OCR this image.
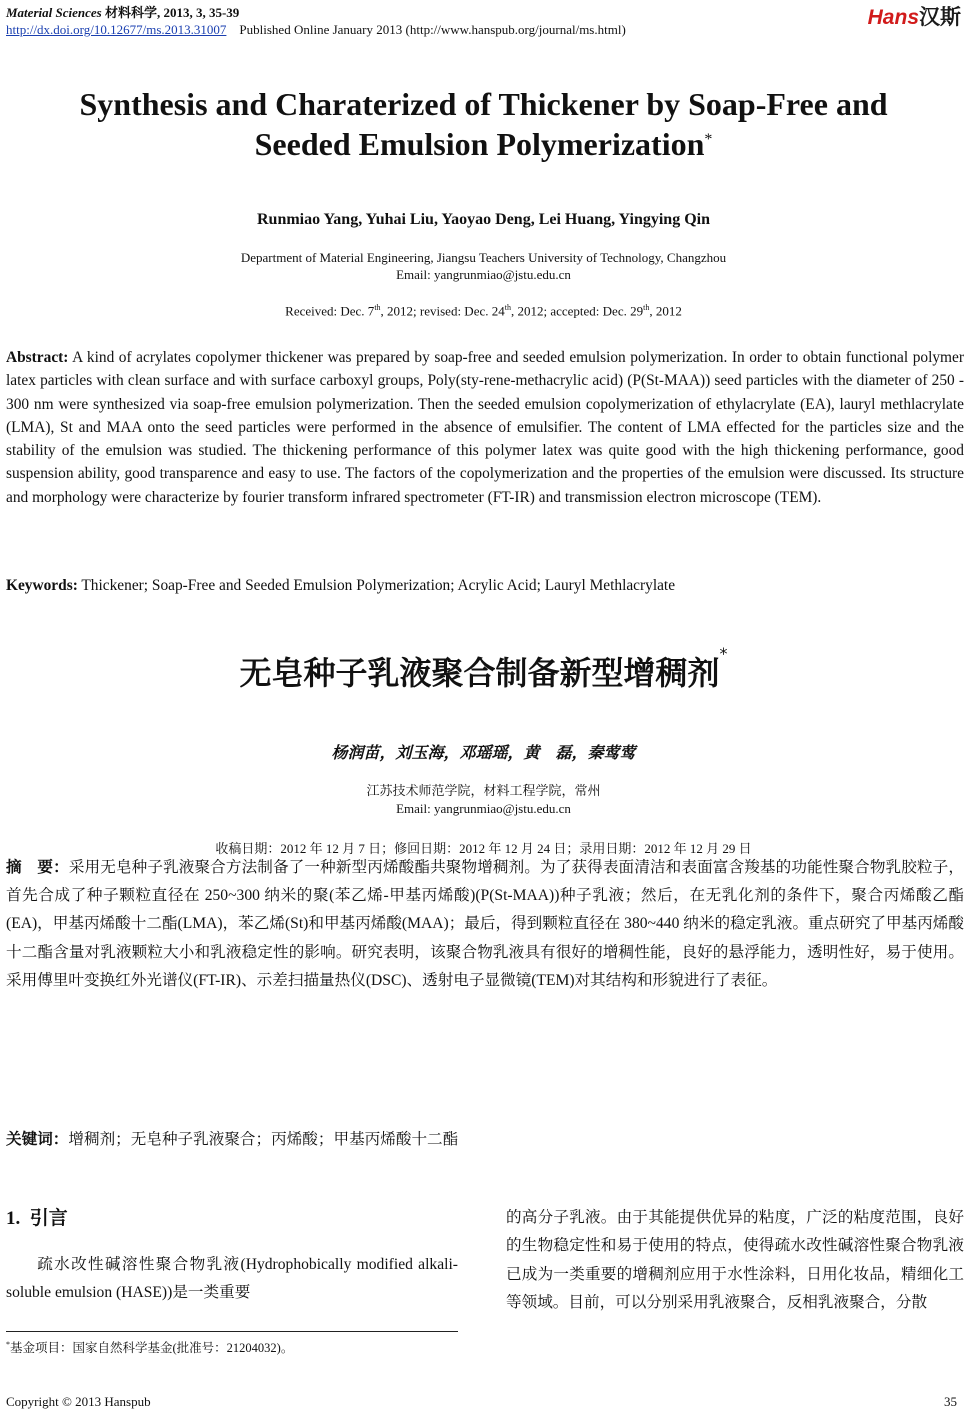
Material Sciences 材料科学, 2013, 3, 35-39
http://dx.doi.org/10.12677/ms.2013.31007 Published Online January 2013 (http://www.hanspub.org/journal/ms.html)
Hans汉斯
Synthesis and Charaterized of Thickener by Soap-Free and
Seeded Emulsion Polymerization*
Runmiao Yang, Yuhai Liu, Yaoyao Deng, Lei Huang, Yingying Qin
Department of Material Engineering, Jiangsu Teachers University of Technology, Changzhou
Email: yangrunmiao@jstu.edu.cn
Received: Dec. 7th, 2012; revised: Dec. 24th, 2012; accepted: Dec. 29th, 2012
Abstract: A kind of acrylates copolymer thickener was prepared by soap-free and seeded emulsion polymerization. In order to obtain functional polymer latex particles with clean surface and with surface carboxyl groups, Poly(sty-rene-methacrylic acid) (P(St-MAA)) seed particles with the diameter of 250 - 300 nm were synthesized via soap-free emulsion polymerization. Then the seeded emulsion copolymerization of ethylacrylate (EA), lauryl methlacrylate (LMA), St and MAA onto the seed particles were performed in the absence of emulsifier. The content of LMA effected for the particles size and the stability of the emulsion was studied. The thickening performance of this polymer latex was quite good with the high thickening performance, good suspension ability, good transparence and easy to use. The factors of the copolymerization and the properties of the emulsion were discussed. Its structure and morphology were characterize by fourier transform infrared spectrometer (FT-IR) and transmission electron microscope (TEM).
Keywords: Thickener; Soap-Free and Seeded Emulsion Polymerization; Acrylic Acid; Lauryl Methlacrylate
无皂种子乳液聚合制备新型增稠剂*
杨润苗，刘玉海，邓瑶瑶，黄　磊，秦莺莺
江苏技术师范学院，材料工程学院，常州
Email: yangrunmiao@jstu.edu.cn
收稿日期：2012 年 12 月 7 日；修回日期：2012 年 12 月 24 日；录用日期：2012 年 12 月 29 日
摘　要：采用无皂种子乳液聚合方法制备了一种新型丙烯酸酯共聚物增稠剂。为了获得表面清洁和表面富含羧基的功能性聚合物乳胶粒子，首先合成了种子颗粒直径在 250~300 纳米的聚(苯乙烯-甲基丙烯酸)(P(St-MAA))种子乳液；然后，在无乳化剂的条件下，聚合丙烯酸乙酯(EA)，甲基丙烯酸十二酯(LMA)，苯乙烯(St)和甲基丙烯酸(MAA)；最后，得到颗粒直径在 380~440 纳米的稳定乳液。重点研究了甲基丙烯酸十二酯含量对乳液颗粒大小和乳液稳定性的影响。研究表明，该聚合物乳液具有很好的增稠性能，良好的悬浮能力，透明性好，易于使用。采用傅里叶变换红外光谱仪(FT-IR)、示差扫描量热仪(DSC)、透射电子显微镜(TEM)对其结构和形貌进行了表征。
关键词：增稠剂；无皂种子乳液聚合；丙烯酸；甲基丙烯酸十二酯
1. 引言
疏水改性碱溶性聚合物乳液(Hydrophobically modified alkali-soluble emulsion (HASE))是一类重要
*基金项目：国家自然科学基金(批准号：21204032)。
的高分子乳液。由于其能提供优异的粘度，广泛的粘度范围，良好的生物稳定性和易于使用的特点，使得疏水改性碱溶性聚合物乳液已成为一类重要的增稠剂应用于水性涂料，日用化妆品，精细化工等领域。目前，可以分别采用乳液聚合，反相乳液聚合，分散
Copyright © 2013 Hanspub	35
